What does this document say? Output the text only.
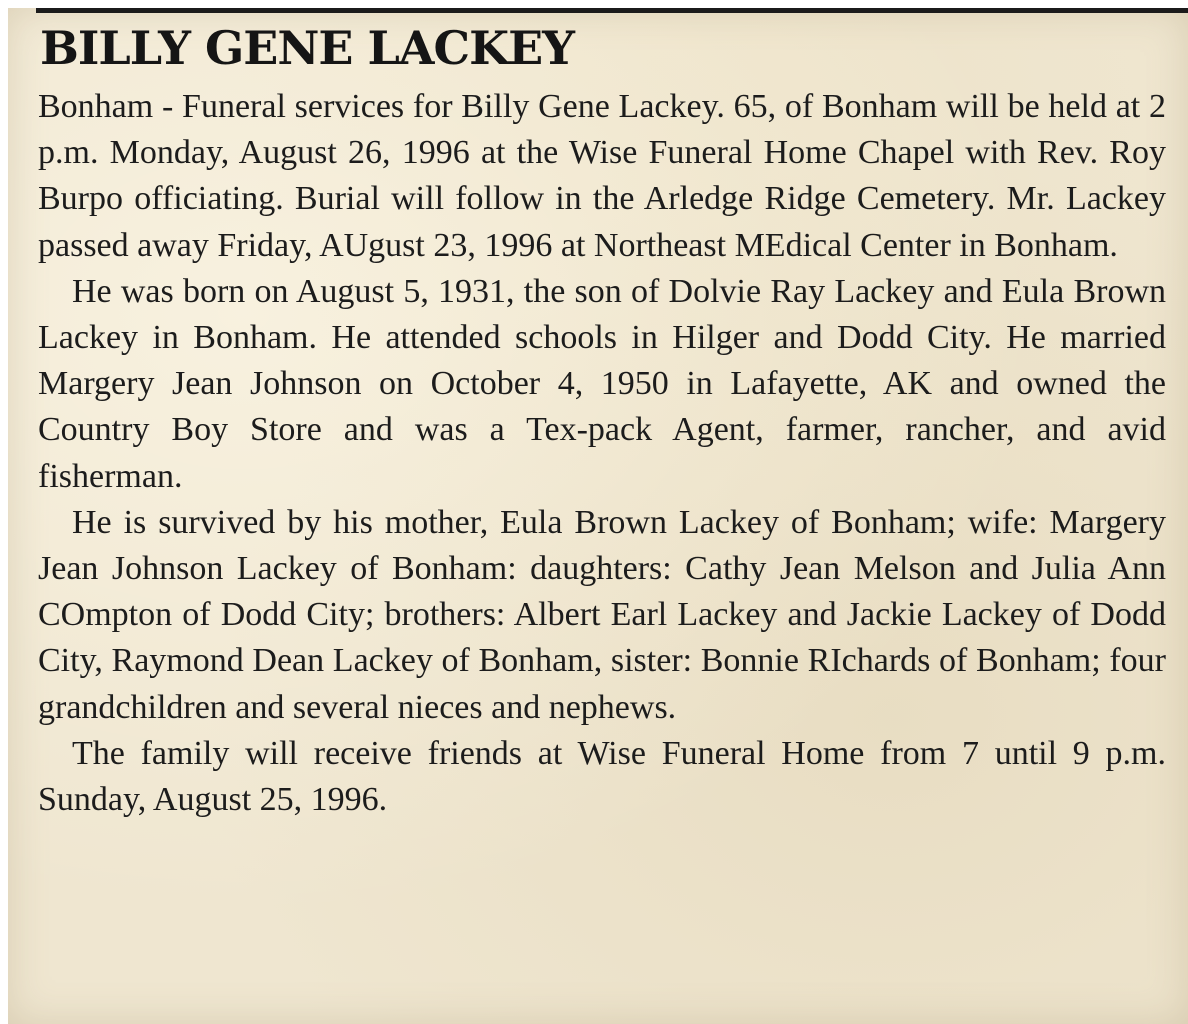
BILLY GENE LACKEY

Bonham - Funeral services for Billy Gene Lackey. 65, of Bonham will be held at 2 p.m. Monday, August 26, 1996 at the Wise Funeral Home Chapel with Rev. Roy Burpo officiating. Burial will follow in the Arledge Ridge Cemetery. Mr. Lackey passed away Friday, AUgust 23, 1996 at Northeast MEdical Center in Bonham.

He was born on August 5, 1931, the son of Dolvie Ray Lackey and Eula Brown Lackey in Bonham. He attended schools in Hilger and Dodd City. He married Margery Jean Johnson on October 4, 1950 in Lafayette, AK and owned the Country Boy Store and was a Tex-pack Agent, farmer, rancher, and avid fisherman.

He is survived by his mother, Eula Brown Lackey of Bonham; wife: Margery Jean Johnson Lackey of Bonham: daughters: Cathy Jean Melson and Julia Ann COmpton of Dodd City; brothers: Albert Earl Lackey and Jackie Lackey of Dodd City, Raymond Dean Lackey of Bonham, sister: Bonnie RIchards of Bonham; four grandchildren and several nieces and nephews.

The family will receive friends at Wise Funeral Home from 7 until 9 p.m. Sunday, August 25, 1996.
